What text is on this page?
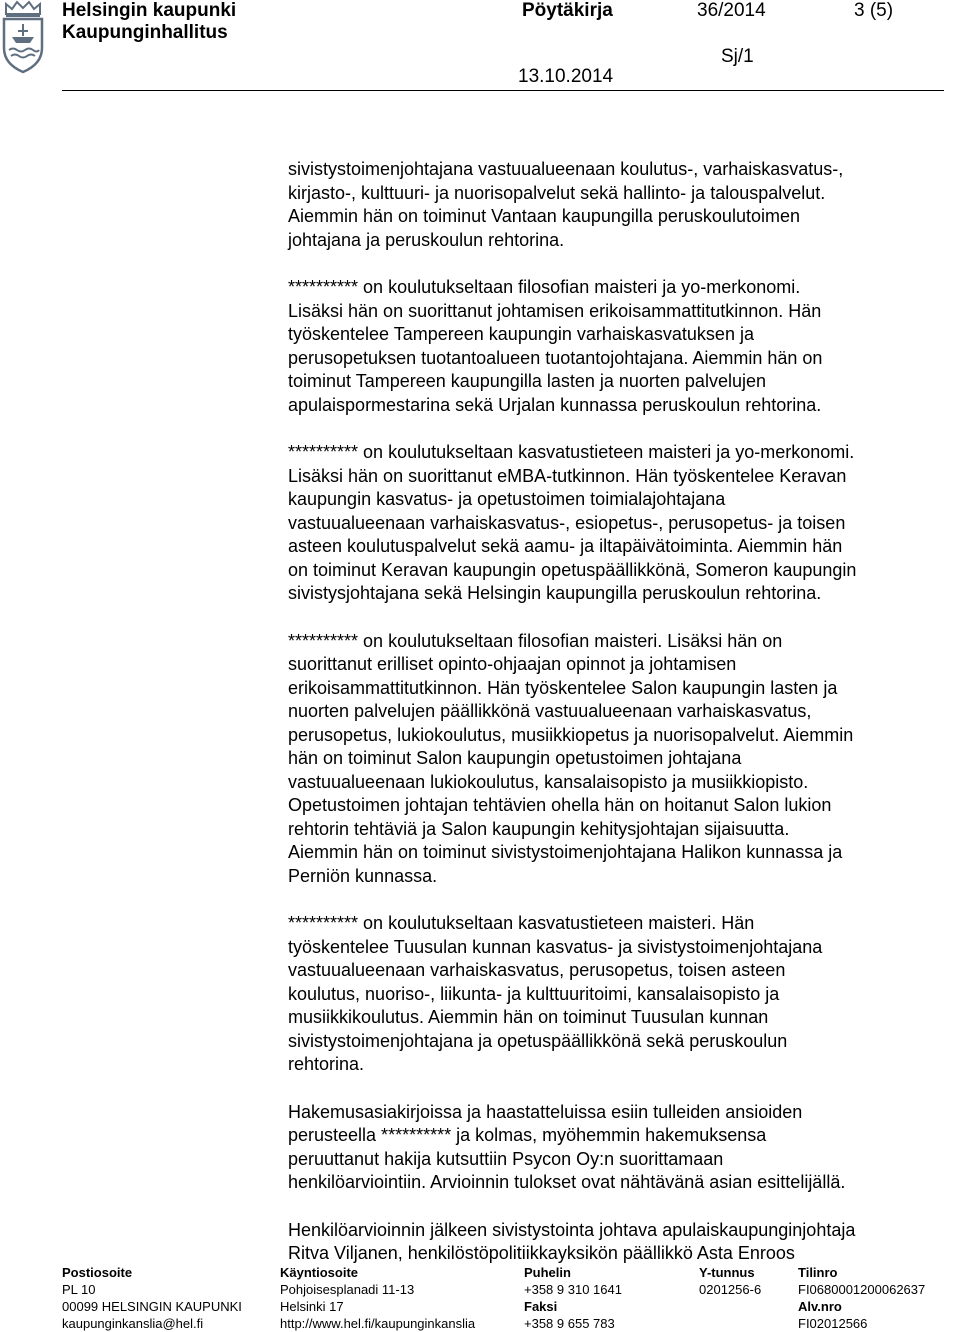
Helsingin kaupunki
Kaupunginhallitus
Pöytäkirja	36/2014	3 (5)
Sj/1
13.10.2014

sivistystoimenjohtajana vastuualueenaan koulutus-, varhaiskasvatus-,
kirjasto-, kulttuuri- ja nuorisopalvelut sekä hallinto- ja talouspalvelut.
Aiemmin hän on toiminut Vantaan kaupungilla peruskoulutoimen
johtajana ja peruskoulun rehtorina.

********** on koulutukseltaan filosofian maisteri ja yo-merkonomi.
Lisäksi hän on suorittanut johtamisen erikoisammattitutkinnon. Hän
työskentelee Tampereen kaupungin varhaiskasvatuksen ja
perusopetuksen tuotantoalueen tuotantojohtajana. Aiemmin hän on
toiminut Tampereen kaupungilla lasten ja nuorten palvelujen
apulaispormestarina sekä Urjalan kunnassa peruskoulun rehtorina.

********** on koulutukseltaan kasvatustieteen maisteri ja yo-merkonomi.
Lisäksi hän on suorittanut eMBA-tutkinnon. Hän työskentelee Keravan
kaupungin kasvatus- ja opetustoimen toimialajohtajana
vastuualueenaan varhaiskasvatus-, esiopetus-, perusopetus- ja toisen
asteen koulutuspalvelut sekä aamu- ja iltapäivätoiminta. Aiemmin hän
on toiminut Keravan kaupungin opetuspäällikkönä, Someron kaupungin
sivistysjohtajana sekä Helsingin kaupungilla peruskoulun rehtorina.

********** on koulutukseltaan filosofian maisteri. Lisäksi hän on
suorittanut erilliset opinto-ohjaajan opinnot ja johtamisen
erikoisammattitutkinnon. Hän työskentelee Salon kaupungin lasten ja
nuorten palvelujen päällikkönä vastuualueenaan varhaiskasvatus,
perusopetus, lukiokoulutus, musiikkiopetus ja nuorisopalvelut. Aiemmin
hän on toiminut Salon kaupungin opetustoimen johtajana
vastuualueenaan lukiokoulutus, kansalaisopisto ja musiikkiopisto.
Opetustoimen johtajan tehtävien ohella hän on hoitanut Salon lukion
rehtorin tehtäviä ja Salon kaupungin kehitysjohtajan sijaisuutta.
Aiemmin hän on toiminut sivistystoimenjohtajana Halikon kunnassa ja
Perniön kunnassa.

********** on koulutukseltaan kasvatustieteen maisteri. Hän
työskentelee Tuusulan kunnan kasvatus- ja sivistystoimenjohtajana
vastuualueenaan varhaiskasvatus, perusopetus, toisen asteen
koulutus, nuoriso-, liikunta- ja kulttuuritoimi, kansalaisopisto ja
musiikkikoulutus. Aiemmin hän on toiminut Tuusulan kunnan
sivistystoimenjohtajana ja opetuspäällikkönä sekä peruskoulun
rehtorina.

Hakemusasiakirjoissa ja haastatteluissa esiin tulleiden ansioiden
perusteella ********** ja kolmas, myöhemmin hakemuksensa
peruuttanut hakija kutsuttiin Psycon Oy:n suorittamaan
henkilöarviointiin. Arvioinnin tulokset ovat nähtävänä asian esittelijällä.

Henkilöarvioinnin jälkeen sivistystointa johtava apulaiskaupunginjohtaja
Ritva Viljanen, henkilöstöpolitiikkayksikön päällikkö Asta Enroos

Postiosoite
PL 10
00099 HELSINGIN KAUPUNKI
kaupunginkanslia@hel.fi
Käyntiosoite
Pohjoisesplanadi 11-13
Helsinki 17
http://www.hel.fi/kaupunginkanslia
Puhelin
+358 9 310 1641
Faksi
+358 9 655 783
Y-tunnus
0201256-6
Tilinro
FI0680001200062637
Alv.nro
FI02012566
